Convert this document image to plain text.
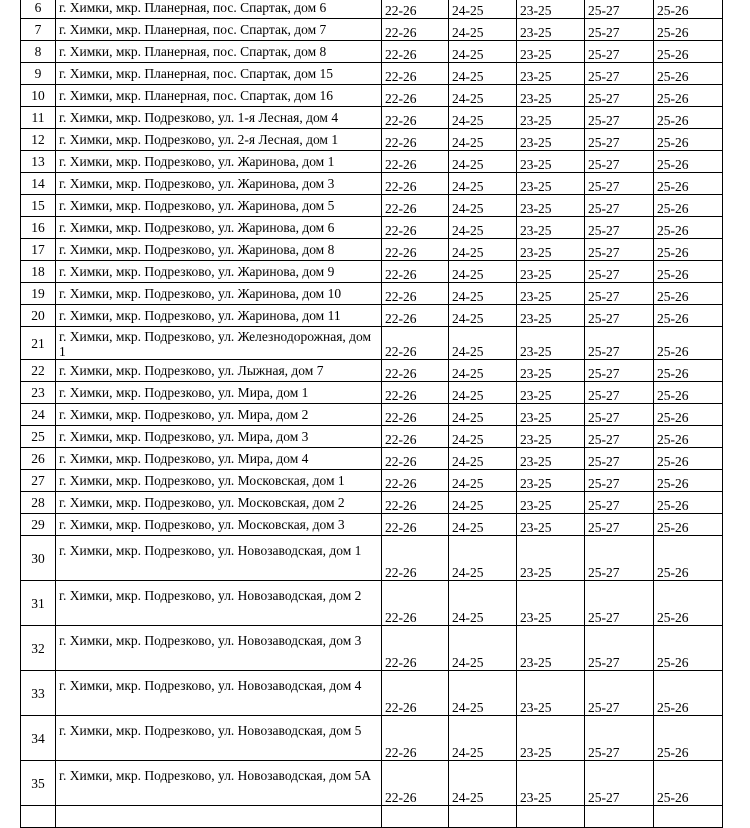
6	г. Химки, мкр. Планерная, пос. Спартак, дом 6	22-26	24-25	23-25	25-27	25-26
7	г. Химки, мкр. Планерная, пос. Спартак, дом 7	22-26	24-25	23-25	25-27	25-26
8	г. Химки, мкр. Планерная, пос. Спартак, дом 8	22-26	24-25	23-25	25-27	25-26
9	г. Химки, мкр. Планерная, пос. Спартак, дом 15	22-26	24-25	23-25	25-27	25-26
10	г. Химки, мкр. Планерная, пос. Спартак, дом 16	22-26	24-25	23-25	25-27	25-26
11	г. Химки, мкр. Подрезково, ул. 1-я Лесная, дом 4	22-26	24-25	23-25	25-27	25-26
12	г. Химки, мкр. Подрезково, ул. 2-я Лесная, дом 1	22-26	24-25	23-25	25-27	25-26
13	г. Химки, мкр. Подрезково, ул. Жаринова, дом 1	22-26	24-25	23-25	25-27	25-26
14	г. Химки, мкр. Подрезково, ул. Жаринова, дом 3	22-26	24-25	23-25	25-27	25-26
15	г. Химки, мкр. Подрезково, ул. Жаринова, дом 5	22-26	24-25	23-25	25-27	25-26
16	г. Химки, мкр. Подрезково, ул. Жаринова, дом 6	22-26	24-25	23-25	25-27	25-26
17	г. Химки, мкр. Подрезково, ул. Жаринова, дом 8	22-26	24-25	23-25	25-27	25-26
18	г. Химки, мкр. Подрезково, ул. Жаринова, дом 9	22-26	24-25	23-25	25-27	25-26
19	г. Химки, мкр. Подрезково, ул. Жаринова, дом 10	22-26	24-25	23-25	25-27	25-26
20	г. Химки, мкр. Подрезково, ул. Жаринова, дом 11	22-26	24-25	23-25	25-27	25-26
21	г. Химки, мкр. Подрезково, ул. Железнодорожная, дом 1	22-26	24-25	23-25	25-27	25-26
22	г. Химки, мкр. Подрезково, ул. Лыжная, дом 7	22-26	24-25	23-25	25-27	25-26
23	г. Химки, мкр. Подрезково, ул. Мира, дом 1	22-26	24-25	23-25	25-27	25-26
24	г. Химки, мкр. Подрезково, ул. Мира, дом 2	22-26	24-25	23-25	25-27	25-26
25	г. Химки, мкр. Подрезково, ул. Мира, дом 3	22-26	24-25	23-25	25-27	25-26
26	г. Химки, мкр. Подрезково, ул. Мира, дом 4	22-26	24-25	23-25	25-27	25-26
27	г. Химки, мкр. Подрезково, ул. Московская, дом 1	22-26	24-25	23-25	25-27	25-26
28	г. Химки, мкр. Подрезково, ул. Московская, дом 2	22-26	24-25	23-25	25-27	25-26
29	г. Химки, мкр. Подрезково, ул. Московская, дом 3	22-26	24-25	23-25	25-27	25-26
30	г. Химки, мкр. Подрезково, ул. Новозаводская, дом 1	22-26	24-25	23-25	25-27	25-26
31	г. Химки, мкр. Подрезково, ул. Новозаводская, дом 2	22-26	24-25	23-25	25-27	25-26
32	г. Химки, мкр. Подрезково, ул. Новозаводская, дом 3	22-26	24-25	23-25	25-27	25-26
33	г. Химки, мкр. Подрезково, ул. Новозаводская, дом 4	22-26	24-25	23-25	25-27	25-26
34	г. Химки, мкр. Подрезково, ул. Новозаводская, дом 5	22-26	24-25	23-25	25-27	25-26
35	г. Химки, мкр. Подрезково, ул. Новозаводская, дом 5А	22-26	24-25	23-25	25-27	25-26
